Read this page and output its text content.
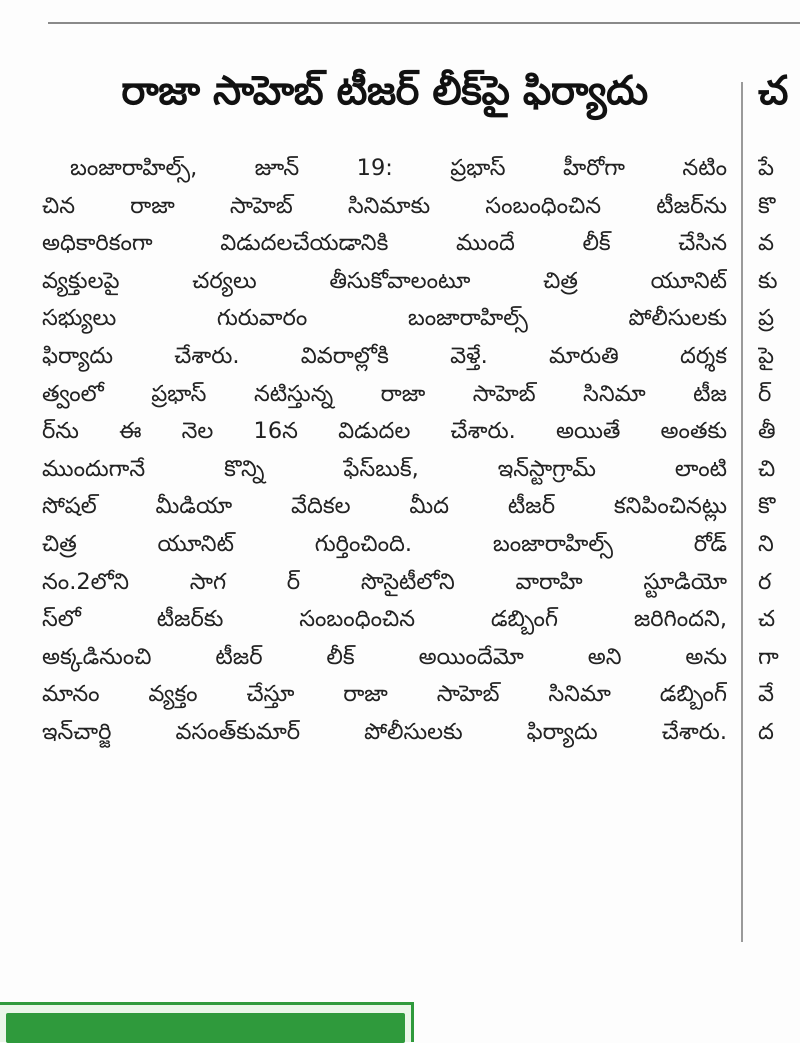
రాజా సాహెబ్ టీజర్ లీక్‌పై ఫిర్యాదు
బంజారాహిల్స్, జూన్ 19: ప్రభాస్ హీరోగా నటిం
చిన రాజా సాహెబ్ సినిమాకు సంబంధించిన టీజర్‌ను
అధికారికంగా విడుదలచేయడానికి ముందే లీక్ చేసిన
వ్యక్తులపై చర్యలు తీసుకోవాలంటూ చిత్ర యూనిట్
సభ్యులు గురువారం బంజారాహిల్స్ పోలీసులకు
ఫిర్యాదు చేశారు. వివరాల్లోకి వెళ్తే. మారుతి దర్శక
త్వంలో ప్రభాస్ నటిస్తున్న రాజా సాహెబ్ సినిమా టీజ
ర్‌ను ఈ నెల 16న విడుదల చేశారు. అయితే అంతకు
ముందుగానే కొన్ని ఫేస్‌బుక్, ఇన్‌స్టాగ్రామ్ లాంటి
సోషల్ మీడియా వేదికల మీద టీజర్ కనిపించినట్లు
చిత్ర యూనిట్ గుర్తించింది. బంజారాహిల్స్ రోడ్
నం.2లోని సాగ ర్ సొసైటీలోని వారాహి స్టూడియో
స్‌లో టీజర్‌కు సంబంధించిన డబ్బింగ్ జరిగిందని,
అక్కడినుంచి టీజర్ లీక్ అయిందేమో అని అను
మానం వ్యక్తం చేస్తూ రాజా సాహెబ్ సినిమా డబ్బింగ్
ఇన్‌చార్జి వసంత్‌కుమార్ పోలీసులకు ఫిర్యాదు చేశారు.
చ
పే
కొ
వ
కు
ప్ర
పై
ర్
తీ
చి
కొ
ని
ర
చ
గా
వే
ద
